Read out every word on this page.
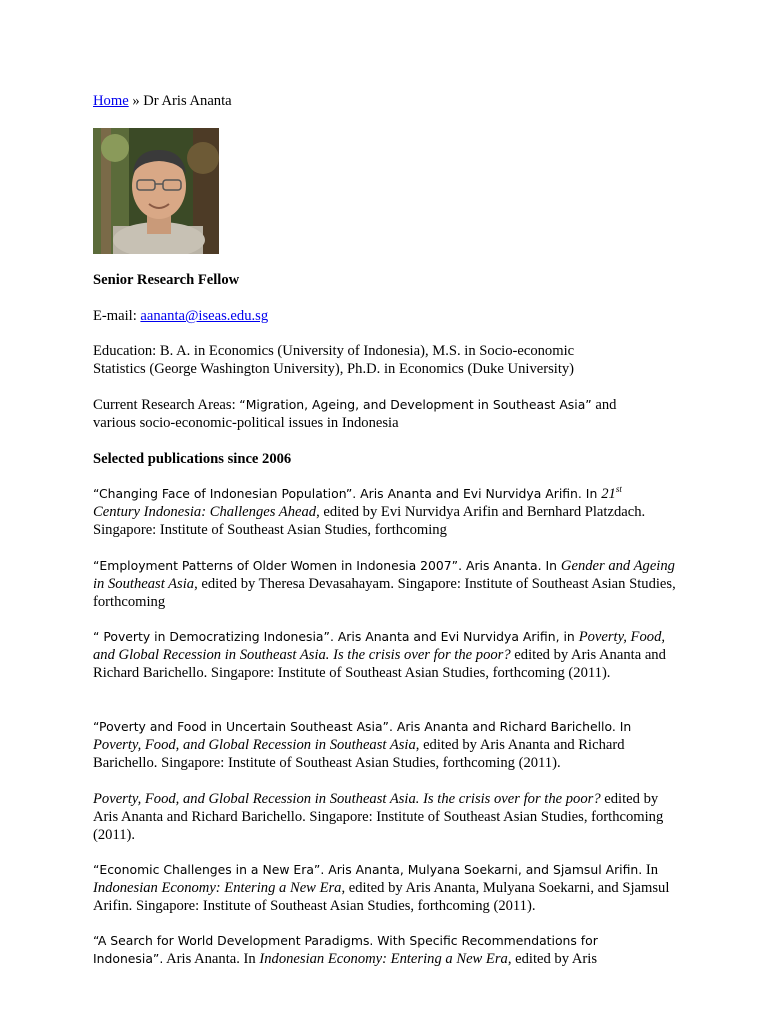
Home » Dr Aris Ananta
Senior Research Fellow
E-mail: aananta@iseas.edu.sg
Education: B. A. in Economics (University of Indonesia), M.S. in Socio-economic Statistics (George Washington University), Ph.D. in Economics (Duke University)
Current Research Areas: “Migration, Ageing, and Development in Southeast Asia” and various socio-economic-political issues in Indonesia
Selected publications since 2006
“Changing Face of Indonesian Population”. Aris Ananta and Evi Nurvidya Arifin. In 21st Century Indonesia: Challenges Ahead, edited by Evi Nurvidya Arifin and Bernhard Platzdach. Singapore: Institute of Southeast Asian Studies, forthcoming
“Employment Patterns of Older Women in Indonesia 2007”. Aris Ananta. In Gender and Ageing in Southeast Asia, edited by Theresa Devasahayam. Singapore: Institute of Southeast Asian Studies, forthcoming
“ Poverty in Democratizing Indonesia”. Aris Ananta and Evi Nurvidya Arifin, in Poverty, Food, and Global Recession in Southeast Asia. Is the crisis over for the poor? edited by Aris Ananta and Richard Barichello. Singapore: Institute of Southeast Asian Studies, forthcoming (2011).
“Poverty and Food in Uncertain Southeast Asia”. Aris Ananta and Richard Barichello. In Poverty, Food, and Global Recession in Southeast Asia, edited by Aris Ananta and Richard Barichello. Singapore: Institute of Southeast Asian Studies, forthcoming (2011).
Poverty, Food, and Global Recession in Southeast Asia. Is the crisis over for the poor? edited by Aris Ananta and Richard Barichello. Singapore: Institute of Southeast Asian Studies, forthcoming (2011).
“Economic Challenges in a New Era”. Aris Ananta, Mulyana Soekarni, and Sjamsul Arifin. In Indonesian Economy: Entering a New Era, edited by Aris Ananta, Mulyana Soekarni, and Sjamsul Arifin. Singapore: Institute of Southeast Asian Studies, forthcoming (2011).
“A Search for World Development Paradigms. With Specific Recommendations for Indonesia”. Aris Ananta. In Indonesian Economy: Entering a New Era, edited by Aris
